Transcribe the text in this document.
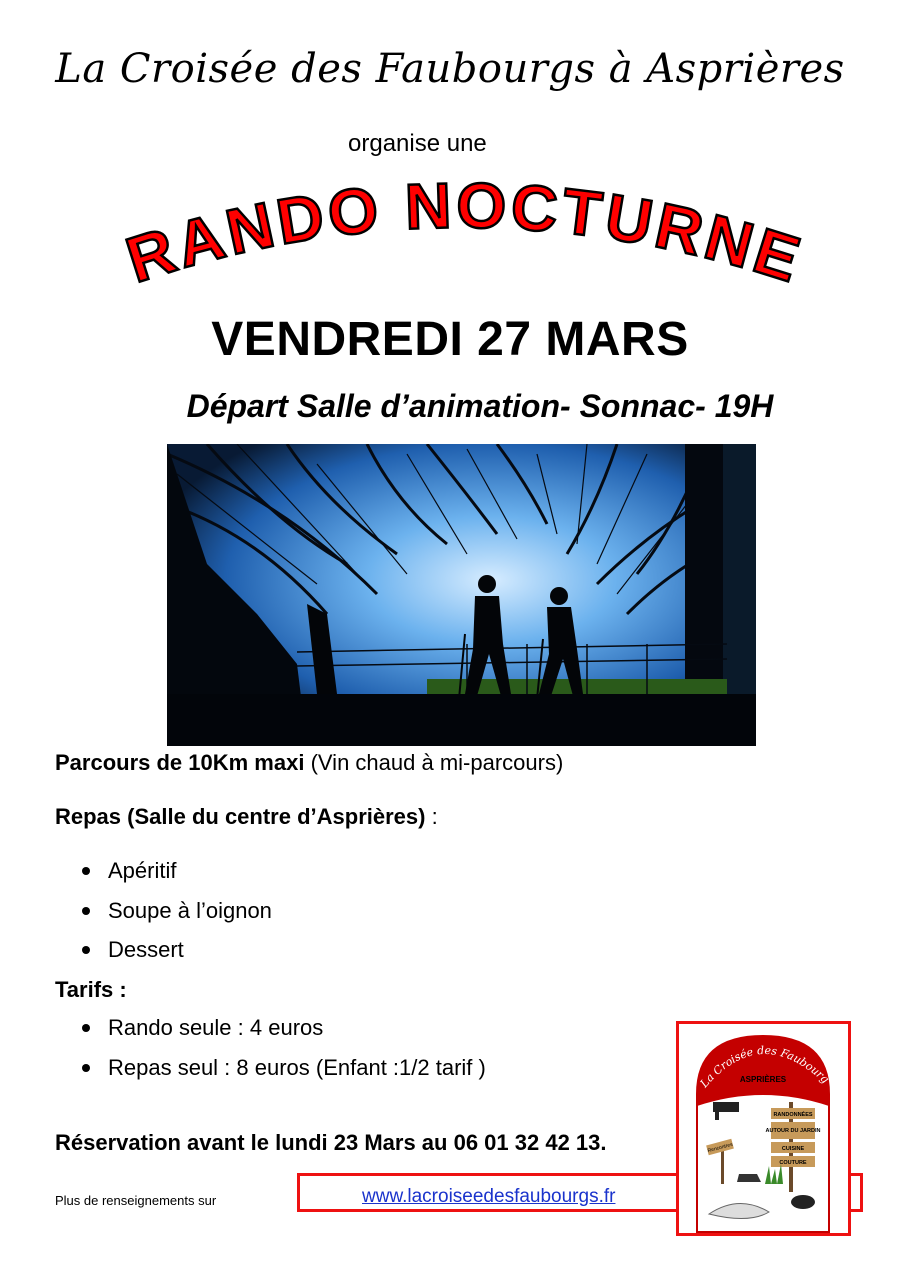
La Croisée des Faubourgs à Asprières
organise une
RANDO NOCTURNE
VENDREDI 27 MARS
Départ Salle d’animation- Sonnac- 19H
Parcours de 10Km maxi (Vin chaud à mi-parcours)
Repas (Salle du centre d’Asprières) :
Apéritif
Soupe à l’oignon
Dessert
Tarifs :
Rando seule : 4 euros
Repas seul : 8 euros (Enfant :1/2 tarif )
Réservation avant le lundi 23 Mars au 06 01 32 42 13.
Plus de renseignements sur	www.lacroiseedesfaubourgs.fr
La Croisée des Faubourg
ASPRIÈRES
RANDONNÉES
AUTOUR DU JARDIN
CUISINE
COUTURE
Rencontres
